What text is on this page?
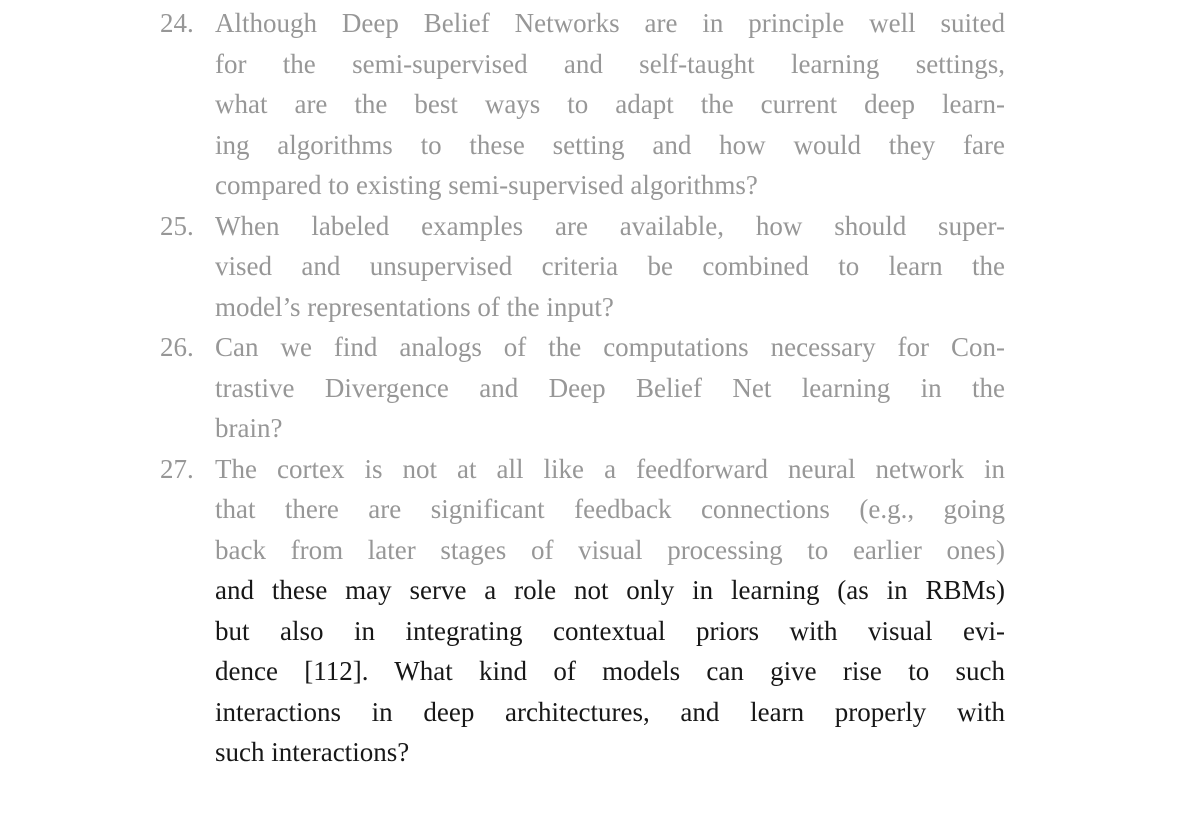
24. Although Deep Belief Networks are in principle well suited
for the semi-supervised and self-taught learning settings,
what are the best ways to adapt the current deep learn-
ing algorithms to these setting and how would they fare
compared to existing semi-supervised algorithms?
25. When labeled examples are available, how should super-
vised and unsupervised criteria be combined to learn the
model’s representations of the input?
26. Can we find analogs of the computations necessary for Con-
trastive Divergence and Deep Belief Net learning in the
brain?
27. The cortex is not at all like a feedforward neural network in
that there are significant feedback connections (e.g., going
back from later stages of visual processing to earlier ones)
and these may serve a role not only in learning (as in RBMs)
but also in integrating contextual priors with visual evi-
dence [112]. What kind of models can give rise to such
interactions in deep architectures, and learn properly with
such interactions?
